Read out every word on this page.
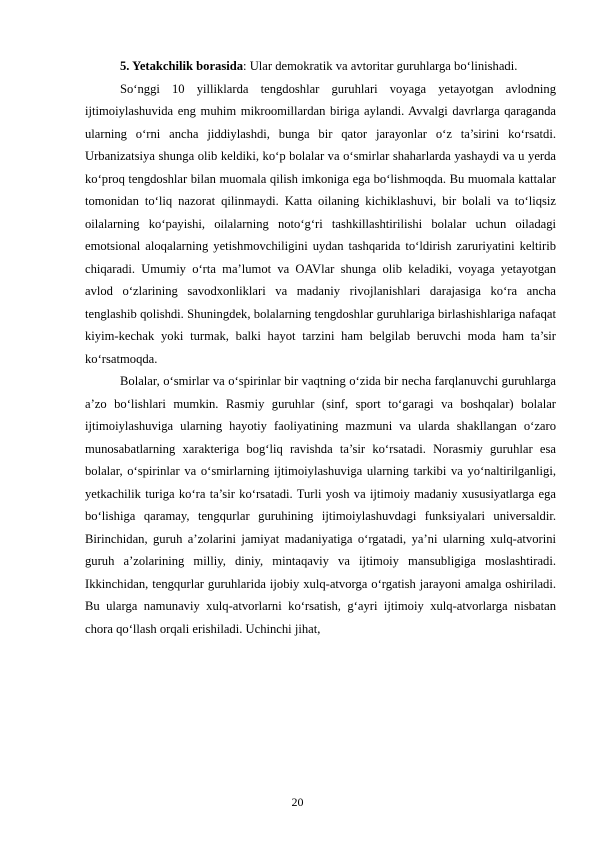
5. Yetakchilik borasida: Ular demokratik va avtoritar guruhlarga bo‘linishadi.

So‘nggi 10 yilliklarda tengdoshlar guruhlari voyaga yetayotgan avlodning ijtimoiylashuvida eng muhim mikroomillardan biriga aylandi. Avvalgi davrlarga qaraganda ularning o‘rni ancha jiddiylashdi, bunga bir qator jarayonlar o‘z ta’sirini ko‘rsatdi. Urbanizatsiya shunga olib keldiki, ko‘p bolalar va o‘smirlar shaharlarda yashaydi va u yerda ko‘proq tengdoshlar bilan muomala qilish imkoniga ega bo‘lishmoqda. Bu muomala kattalar tomonidan to‘liq nazorat qilinmaydi. Katta oilaning kichiklashuvi, bir bolali va to‘liqsiz oilalarning ko‘payishi, oilalarning noto‘g‘ri tashkillashtirilishi bolalar uchun oiladagi emotsional aloqalarning yetishmovchiligini uydan tashqarida to‘ldirish zaruriyatini keltirib chiqaradi. Umumiy o‘rta ma’lumot va OAVlar shunga olib keladiki, voyaga yetayotgan avlod o‘zlarining savodxonliklari va madaniy rivojlanishlari darajasiga ko‘ra ancha tenglashib qolishdi. Shuningdek, bolalarning tengdoshlar guruhlariga birlashishlariga nafaqat kiyim-kechak yoki turmak, balki hayot tarzini ham belgilab beruvchi moda ham ta’sir ko‘rsatmoqda.

Bolalar, o‘smirlar va o‘spirinlar bir vaqtning o‘zida bir necha farqlanuvchi guruhlarga a’zo bo‘lishlari mumkin. Rasmiy guruhlar (sinf, sport to‘garagi va boshqalar) bolalar ijtimoiylashuviga ularning hayotiy faoliyatining mazmuni va ularda shakllangan o‘zaro munosabatlarning xarakteriga bog‘liq ravishda ta’sir ko‘rsatadi. Norasmiy guruhlar esa bolalar, o‘spirinlar va o‘smirlarning ijtimoiylashuviga ularning tarkibi va yo‘naltirilganligi, yetkachilik turiga ko‘ra ta’sir ko‘rsatadi. Turli yosh va ijtimoiy madaniy xususiyatlarga ega bo‘lishiga qaramay, tengqurlar guruhining ijtimoiylashuvdagi funksiyalari universaldir. Birinchidan, guruh a’zolarini jamiyat madaniyatiga o‘rgatadi, ya’ni ularning xulq-atvorini guruh a’zolarining milliy, diniy, mintaqaviy va ijtimoiy mansubligiga moslashtiradi. Ikkinchidan, tengqurlar guruhlarida ijobiy xulq-atvorga o‘rgatish jarayoni amalga oshiriladi. Bu ularga namunaviy xulq-atvorlarni ko‘rsatish, g‘ayri ijtimoiy xulq-atvorlarga nisbatan chora qo‘llash orqali erishiladi. Uchinchi jihat,

20
